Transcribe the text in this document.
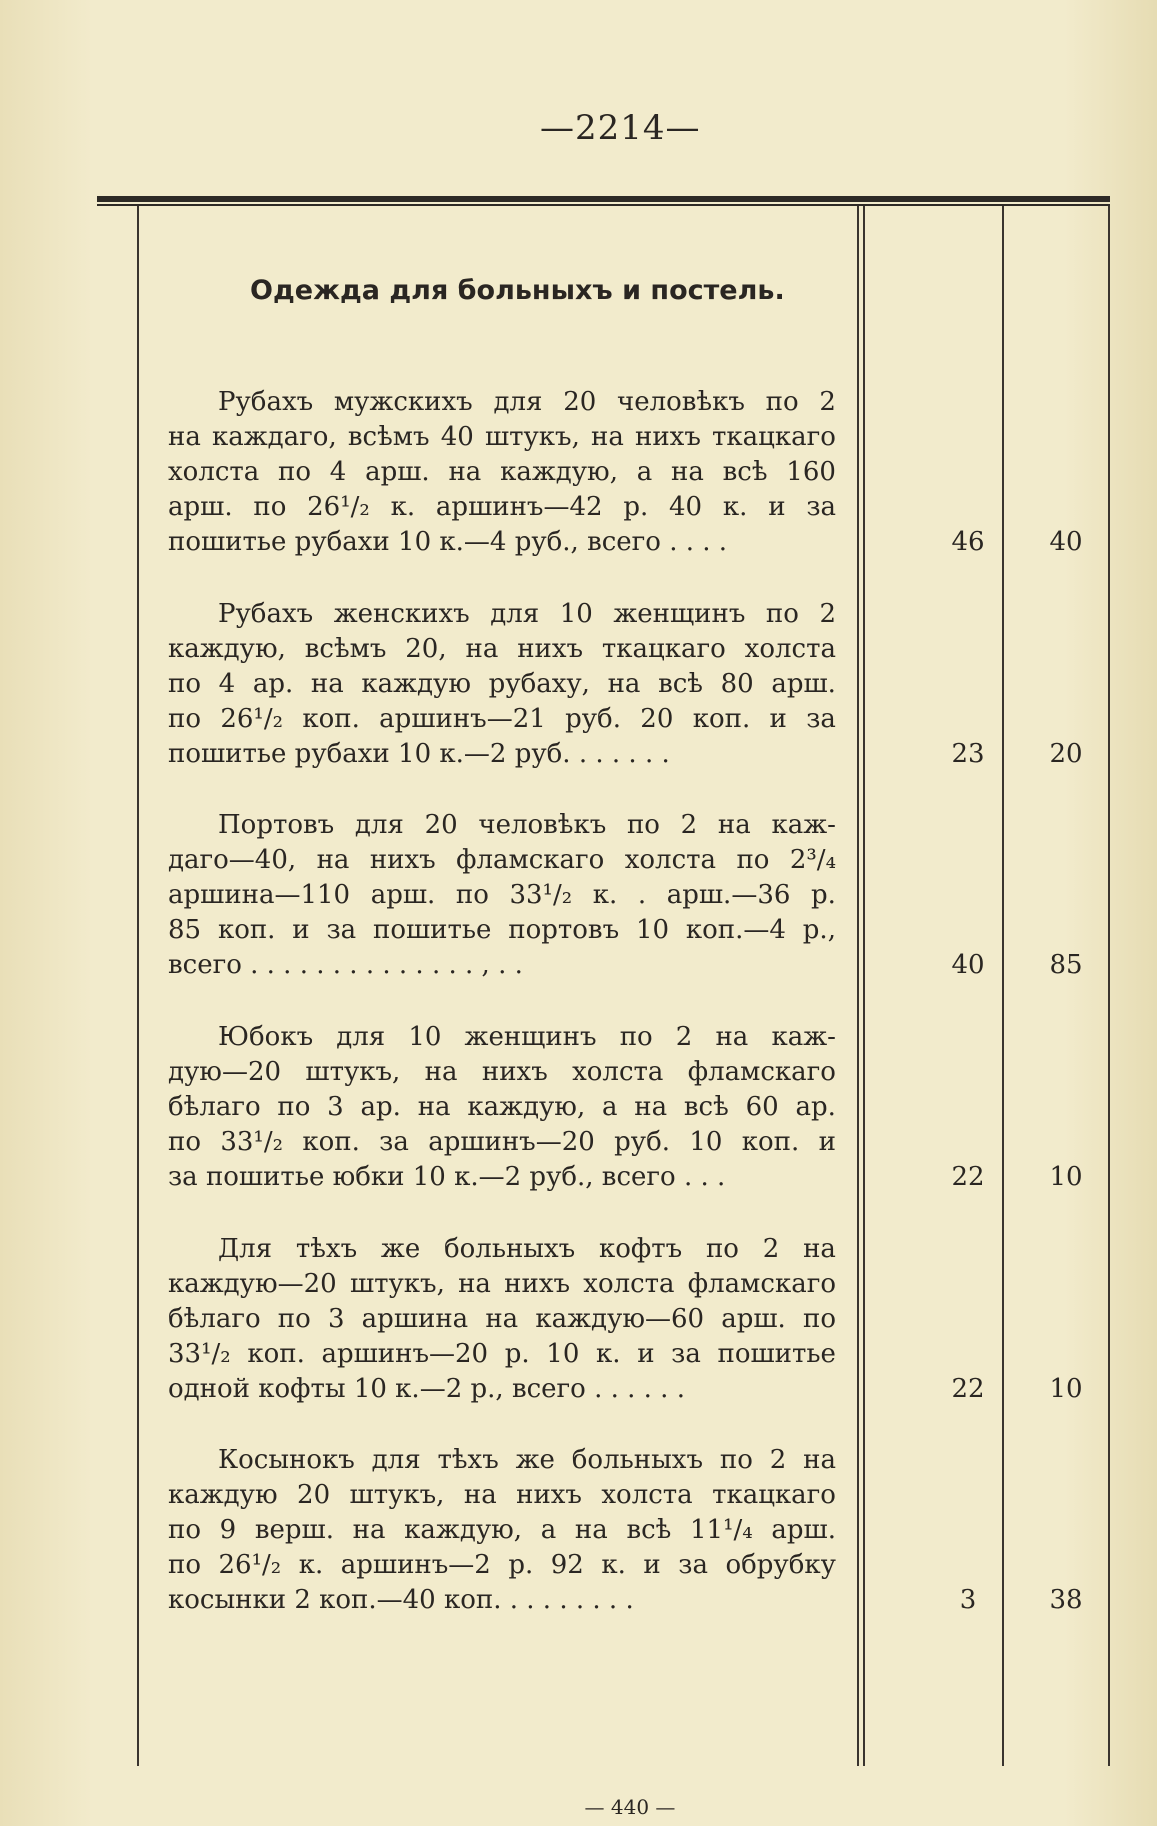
—2214—
Одежда для больныхъ и постель.
Рубахъ мужскихъ для 20 человѣкъ по 2
на каждаго, всѣмъ 40 штукъ, на нихъ ткацкаго
холста по 4 арш. на каждую, а на всѣ 160
арш. по 26¹/₂ к. аршинъ—42 р. 40 к. и за
пошитье рубахи 10 к.—4 руб., всего . . . .	46	40
Рубахъ женскихъ для 10 женщинъ по 2
каждую, всѣмъ 20, на нихъ ткацкаго холста
по 4 ар. на каждую рубаху, на всѣ 80 арш.
по 26¹/₂ коп. аршинъ—21 руб. 20 коп. и за
пошитье рубахи 10 к.—2 руб. . . . . . .	23	20
Портовъ для 20 человѣкъ по 2 на каж-
даго—40, на нихъ фламскаго холста по 2³/₄
аршина—110 арш. по 33¹/₂ к. . арш.—36 р.
85 коп. и за пошитье портовъ 10 коп.—4 р.,
всего . . . . . . . . . . . . . . , . .	40	85
Юбокъ для 10 женщинъ по 2 на каж-
дую—20 штукъ, на нихъ холста фламскаго
бѣлаго по 3 ар. на каждую, а на всѣ 60 ар.
по 33¹/₂ коп. за аршинъ—20 руб. 10 коп. и
за пошитье юбки 10 к.—2 руб., всего . . .	22	10
Для тѣхъ же больныхъ кофтъ по 2 на
каждую—20 штукъ, на нихъ холста фламскаго
бѣлаго по 3 аршина на каждую—60 арш. по
33¹/₂ коп. аршинъ—20 р. 10 к. и за пошитье
одной кофты 10 к.—2 р., всего . . . . . .	22	10
Косынокъ для тѣхъ же больныхъ по 2 на
каждую 20 штукъ, на нихъ холста ткацкаго
по 9 верш. на каждую, а на всѣ 11¹/₄ арш.
по 26¹/₂ к. аршинъ—2 р. 92 к. и за обрубку
косынки 2 коп.—40 коп. . . . . . . . .	3	38
— 440 —
